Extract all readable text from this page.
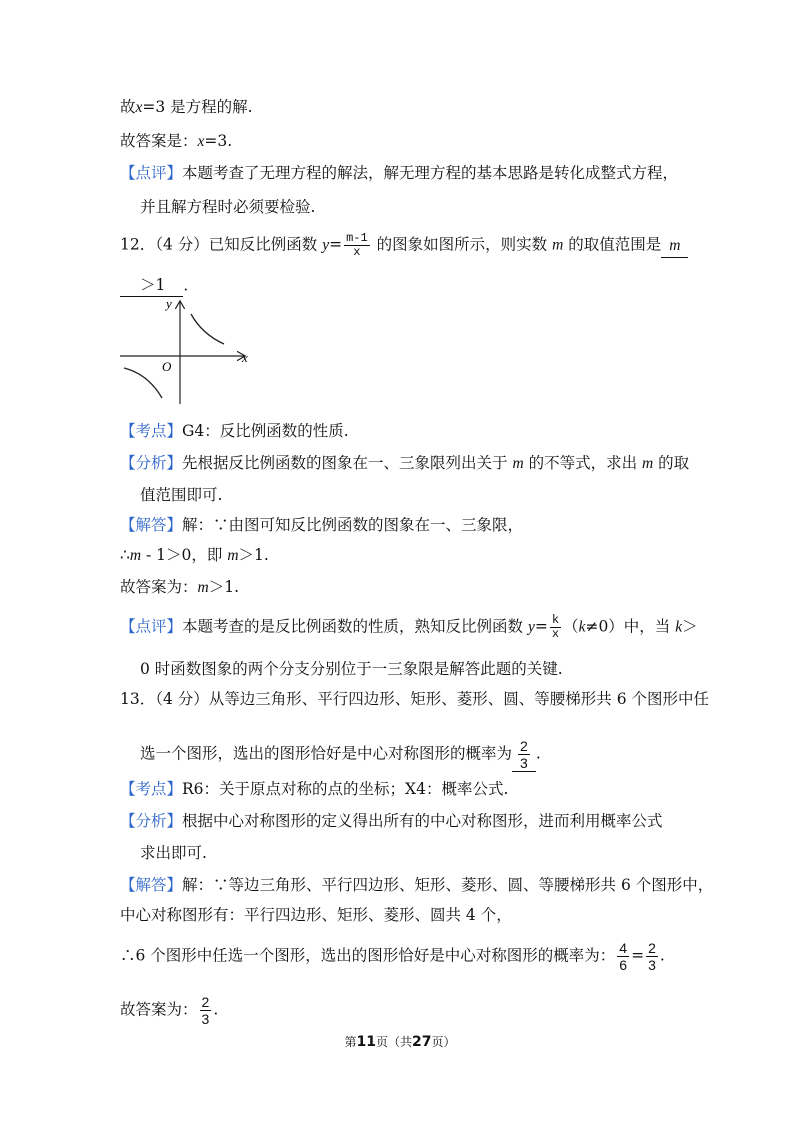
故x=3 是方程的解.
故答案是：x=3.
【点评】本题考查了无理方程的解法，解无理方程的基本思路是转化成整式方程，
并且解方程时必须要检验.
12．（4 分）已知反比例函数 $y= \frac{m-1}{x}$ 的图象如图所示，则实数 m 的取值范围是 m
＞1 ．
y
x
O
【考点】G4：反比例函数的性质.
【分析】先根据反比例函数的图象在一、三象限列出关于 m 的不等式，求出 m 的取
值范围即可.
【解答】解：∵由图可知反比例函数的图象在一、三象限，
∴m - 1＞0，即 m＞1.
故答案为：m＞1.
【点评】本题考查的是反比例函数的性质，熟知反比例函数 $y= \frac{k}{x} (k\ne 0)$中，当 k＞
0 时函数图象的两个分支分别位于一三象限是解答此题的关键.
13．（4 分）从等边三角形、平行四边形、矩形、菱形、圆、等腰梯形共 6 个图形中任
选一个图形，选出的图形恰好是中心对称图形的概率为 $\frac{2}{3}$ .
【考点】R6：关于原点对称的点的坐标；X4：概率公式.
【分析】根据中心对称图形的定义得出所有的中心对称图形，进而利用概率公式
求出即可.
【解答】解：∵等边三角形、平行四边形、矩形、菱形、圆、等腰梯形共 6 个图形中，
中心对称图形有：平行四边形、矩形、菱形、圆共 4 个，
∴6 个图形中任选一个图形，选出的图形恰好是中心对称图形的概率为： $\frac{4}{6} = \frac{2}{3}$ .
故答案为： $\frac{2}{3}$ .
第11页（共27页）
